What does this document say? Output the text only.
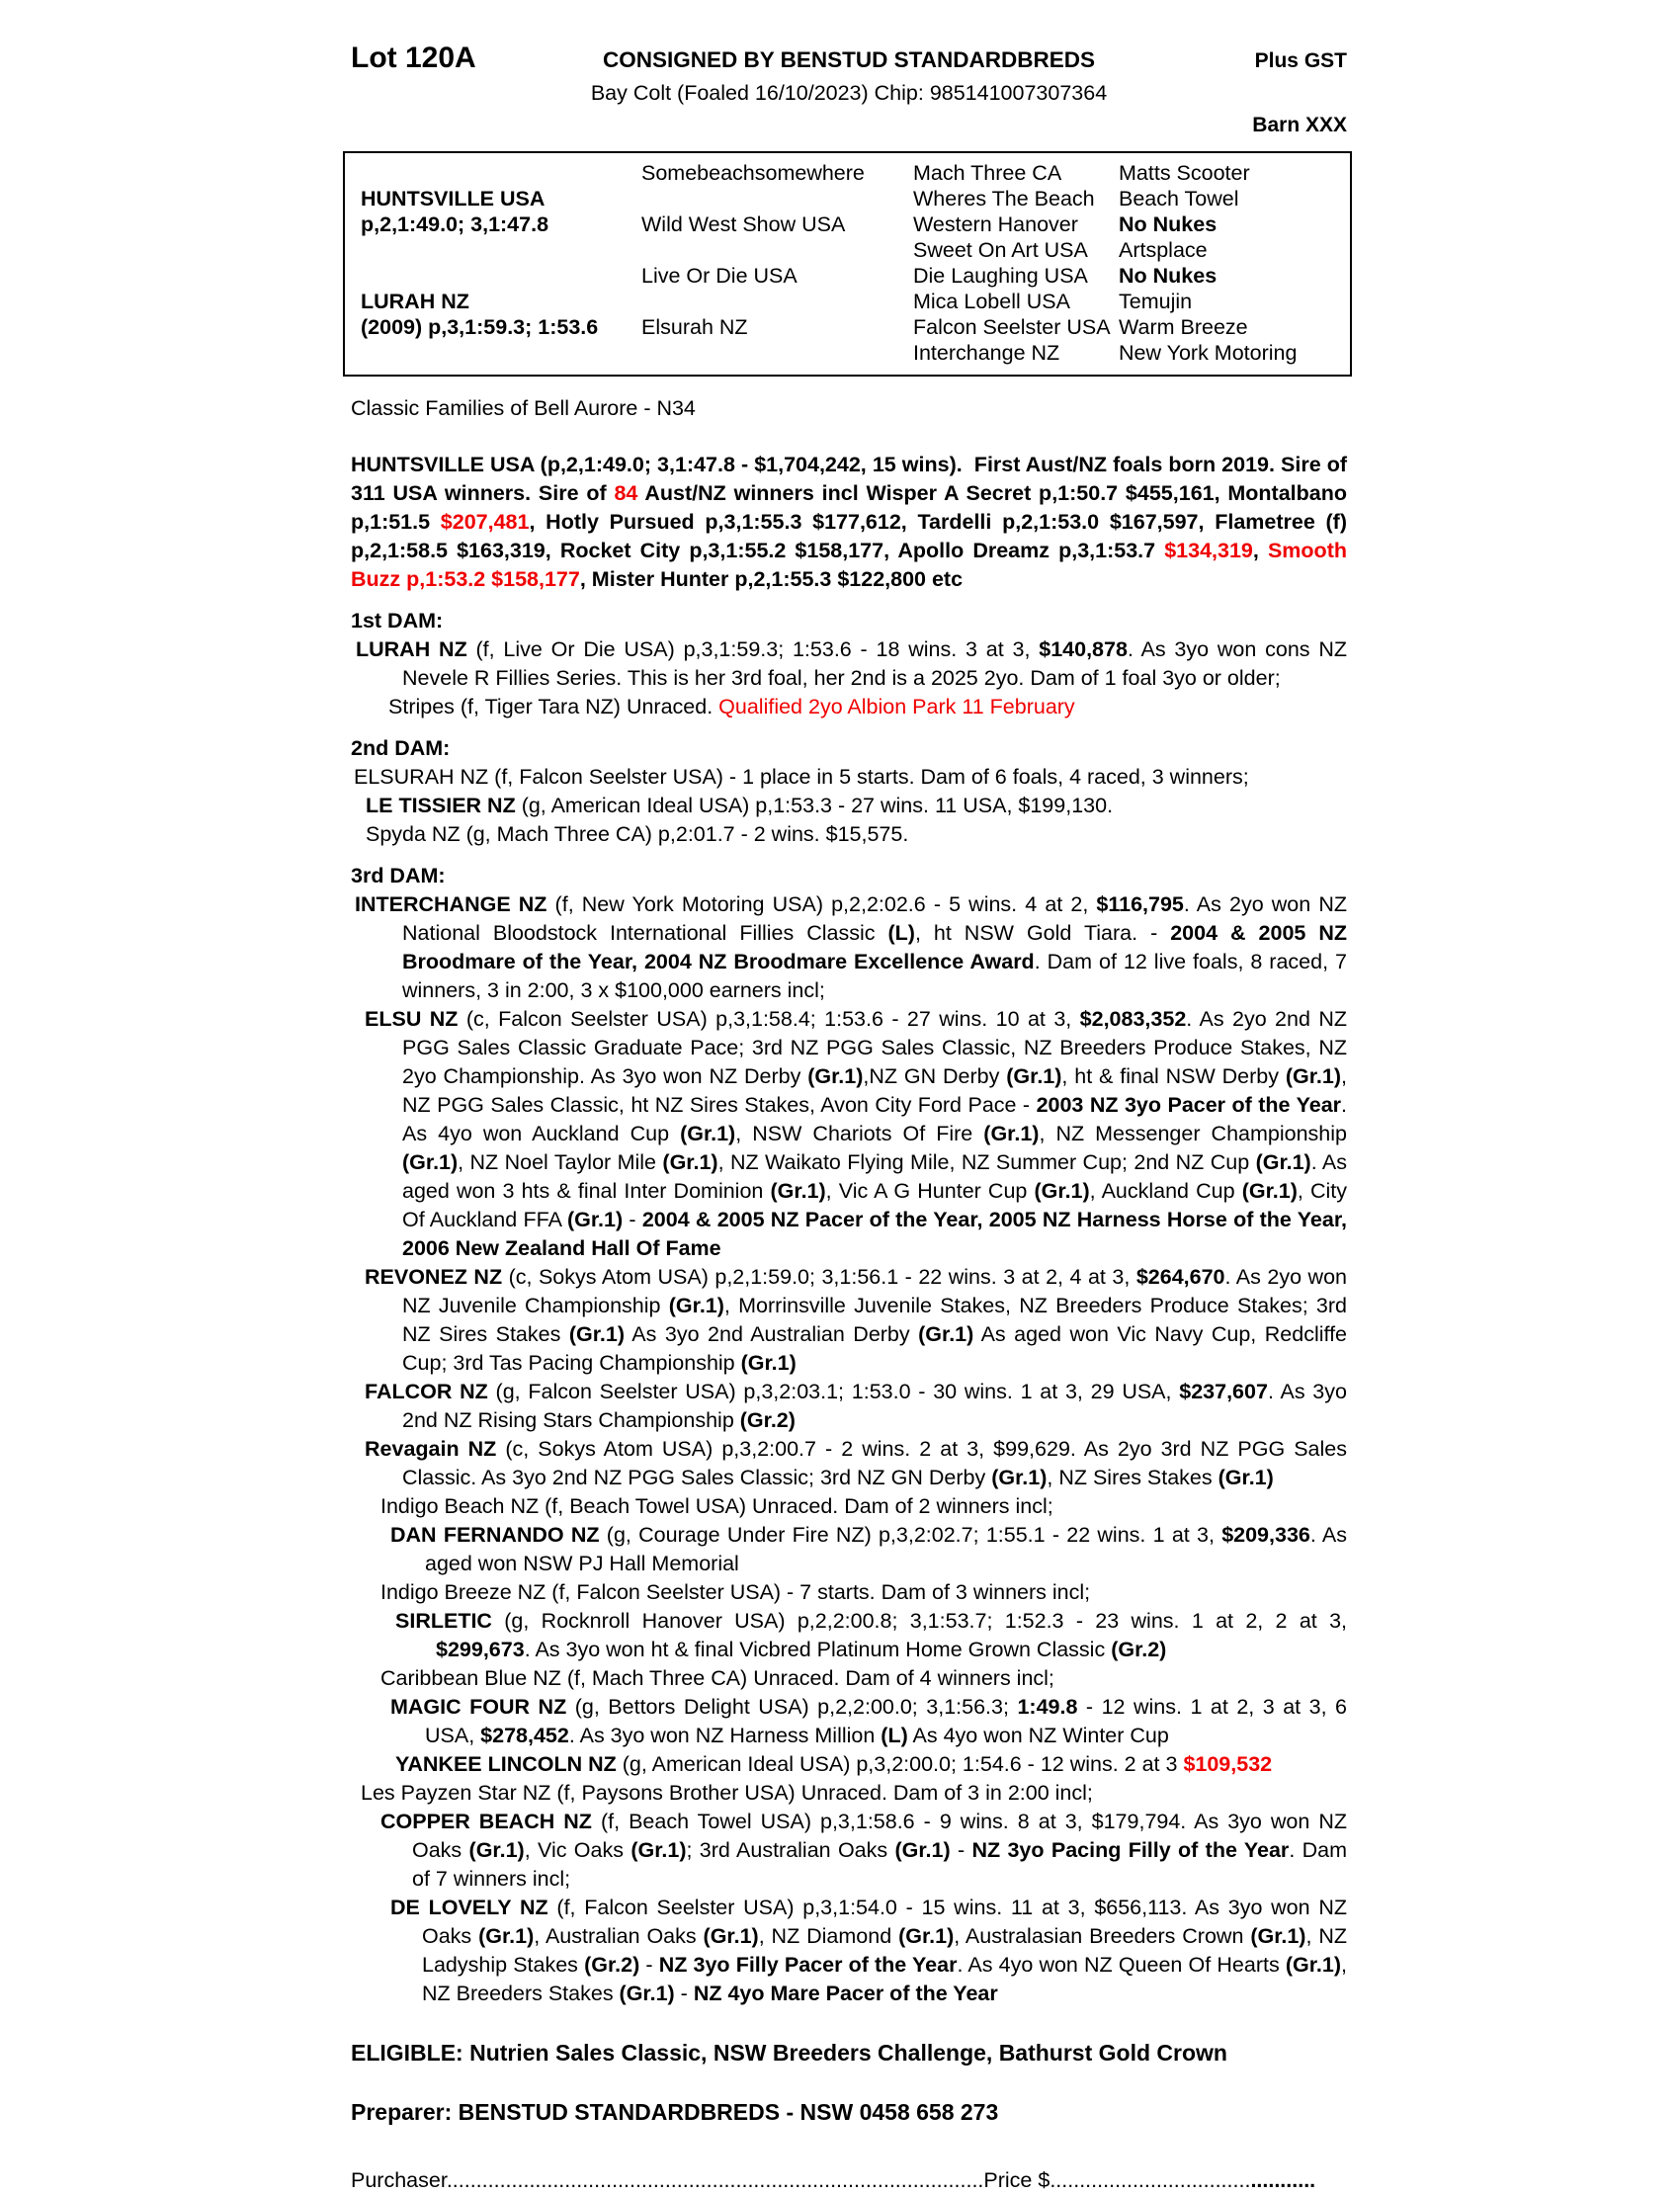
Lot 120A	CONSIGNED BY BENSTUD STANDARDBREDS	Plus GST
Bay Colt (Foaled 16/10/2023) Chip: 985141007307364
Barn XXX
HUNTSVILLE USA
p,2,1:49.0; 3,1:47.8
LURAH NZ
(2009) p,3,1:59.3; 1:53.6
Somebeachsomewhere
Wild West Show USA
Live Or Die USA
Elsurah NZ
Mach Three CA
Wheres The Beach
Western Hanover
Sweet On Art USA
Die Laughing USA
Mica Lobell USA
Falcon Seelster USA
Interchange NZ
Matts Scooter
Beach Towel
No Nukes
Artsplace
No Nukes
Temujin
Warm Breeze
New York Motoring
Classic Families of Bell Aurore - N34
HUNTSVILLE USA (p,2,1:49.0; 3,1:47.8 - $1,704,242, 15 wins).  First Aust/NZ foals born 2019. Sire of 311 USA winners. Sire of 84 Aust/NZ winners incl Wisper A Secret p,1:50.7 $455,161, Montalbano p,1:51.5 $207,481, Hotly Pursued p,3,1:55.3 $177,612, Tardelli p,2,1:53.0 $167,597, Flametree (f) p,2,1:58.5 $163,319, Rocket City p,3,1:55.2 $158,177, Apollo Dreamz p,3,1:53.7 $134,319, Smooth Buzz p,1:53.2 $158,177, Mister Hunter p,2,1:55.3 $122,800 etc
1st DAM:
LURAH NZ (f, Live Or Die USA) p,3,1:59.3; 1:53.6 - 18 wins. 3 at 3, $140,878. As 3yo won cons NZ Nevele R Fillies Series. This is her 3rd foal, her 2nd is a 2025 2yo. Dam of 1 foal 3yo or older;
Stripes (f, Tiger Tara NZ) Unraced. Qualified 2yo Albion Park 11 February
2nd DAM:
ELSURAH NZ (f, Falcon Seelster USA) - 1 place in 5 starts. Dam of 6 foals, 4 raced, 3 winners;
LE TISSIER NZ (g, American Ideal USA) p,1:53.3 - 27 wins. 11 USA, $199,130.
Spyda NZ (g, Mach Three CA) p,2:01.7 - 2 wins. $15,575.
3rd DAM:
INTERCHANGE NZ (f, New York Motoring USA) p,2,2:02.6 - 5 wins. 4 at 2, $116,795. As 2yo won NZ National Bloodstock International Fillies Classic (L), ht NSW Gold Tiara. - 2004 & 2005 NZ Broodmare of the Year, 2004 NZ Broodmare Excellence Award. Dam of 12 live foals, 8 raced, 7 winners, 3 in 2:00, 3 x $100,000 earners incl;
ELSU NZ (c, Falcon Seelster USA) p,3,1:58.4; 1:53.6 - 27 wins. 10 at 3, $2,083,352. As 2yo 2nd NZ PGG Sales Classic Graduate Pace; 3rd NZ PGG Sales Classic, NZ Breeders Produce Stakes, NZ 2yo Championship. As 3yo won NZ Derby (Gr.1),NZ GN Derby (Gr.1), ht & final NSW Derby (Gr.1), NZ PGG Sales Classic, ht NZ Sires Stakes, Avon City Ford Pace - 2003 NZ 3yo Pacer of the Year. As 4yo won Auckland Cup (Gr.1), NSW Chariots Of Fire (Gr.1), NZ Messenger Championship (Gr.1), NZ Noel Taylor Mile (Gr.1), NZ Waikato Flying Mile, NZ Summer Cup; 2nd NZ Cup (Gr.1). As aged won 3 hts & final Inter Dominion (Gr.1), Vic A G Hunter Cup (Gr.1), Auckland Cup (Gr.1), City Of Auckland FFA (Gr.1) - 2004 & 2005 NZ Pacer of the Year, 2005 NZ Harness Horse of the Year, 2006 New Zealand Hall Of Fame
REVONEZ NZ (c, Sokys Atom USA) p,2,1:59.0; 3,1:56.1 - 22 wins. 3 at 2, 4 at 3, $264,670. As 2yo won NZ Juvenile Championship (Gr.1), Morrinsville Juvenile Stakes, NZ Breeders Produce Stakes; 3rd NZ Sires Stakes (Gr.1) As 3yo 2nd Australian Derby (Gr.1) As aged won Vic Navy Cup, Redcliffe Cup; 3rd Tas Pacing Championship (Gr.1)
FALCOR NZ (g, Falcon Seelster USA) p,3,2:03.1; 1:53.0 - 30 wins. 1 at 3, 29 USA, $237,607. As 3yo 2nd NZ Rising Stars Championship (Gr.2)
Revagain NZ (c, Sokys Atom USA) p,3,2:00.7 - 2 wins. 2 at 3, $99,629. As 2yo 3rd NZ PGG Sales Classic. As 3yo 2nd NZ PGG Sales Classic; 3rd NZ GN Derby (Gr.1), NZ Sires Stakes (Gr.1)
Indigo Beach NZ (f, Beach Towel USA) Unraced. Dam of 2 winners incl;
DAN FERNANDO NZ (g, Courage Under Fire NZ) p,3,2:02.7; 1:55.1 - 22 wins. 1 at 3, $209,336. As aged won NSW PJ Hall Memorial
Indigo Breeze NZ (f, Falcon Seelster USA) - 7 starts. Dam of 3 winners incl;
SIRLETIC (g, Rocknroll Hanover USA) p,2,2:00.8; 3,1:53.7; 1:52.3 - 23 wins. 1 at 2, 2 at 3, $299,673. As 3yo won ht & final Vicbred Platinum Home Grown Classic (Gr.2)
Caribbean Blue NZ (f, Mach Three CA) Unraced. Dam of 4 winners incl;
MAGIC FOUR NZ (g, Bettors Delight USA) p,2,2:00.0; 3,1:56.3; 1:49.8 - 12 wins. 1 at 2, 3 at 3, 6 USA, $278,452. As 3yo won NZ Harness Million (L) As 4yo won NZ Winter Cup
YANKEE LINCOLN NZ (g, American Ideal USA) p,3,2:00.0; 1:54.6 - 12 wins. 2 at 3 $109,532
Les Payzen Star NZ (f, Paysons Brother USA) Unraced. Dam of 3 in 2:00 incl;
COPPER BEACH NZ (f, Beach Towel USA) p,3,1:58.6 - 9 wins. 8 at 3, $179,794. As 3yo won NZ Oaks (Gr.1), Vic Oaks (Gr.1); 3rd Australian Oaks (Gr.1) - NZ 3yo Pacing Filly of the Year. Dam of 7 winners incl;
DE LOVELY NZ (f, Falcon Seelster USA) p,3,1:54.0 - 15 wins. 11 at 3, $656,113. As 3yo won NZ Oaks (Gr.1), Australian Oaks (Gr.1), NZ Diamond (Gr.1), Australasian Breeders Crown (Gr.1), NZ Ladyship Stakes (Gr.2) - NZ 3yo Filly Pacer of the Year. As 4yo won NZ Queen Of Hearts (Gr.1), NZ Breeders Stakes (Gr.1) - NZ 4yo Mare Pacer of the Year
ELIGIBLE: Nutrien Sales Classic, NSW Breeders Challenge, Bathurst Gold Crown
Preparer: BENSTUD STANDARDBREDS - NSW 0458 658 273
Purchaser...........................................................................................Price $.............................................
